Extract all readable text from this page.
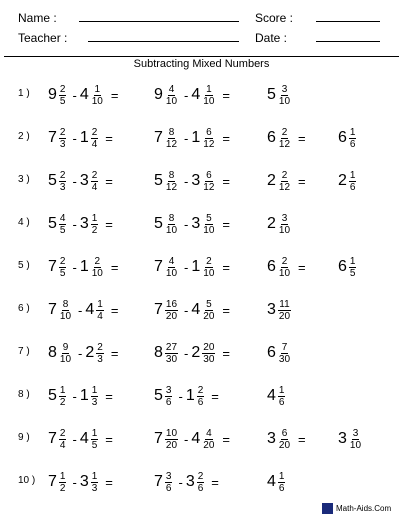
Name :	Score :
Teacher :	Date :
Subtracting Mixed Numbers
1 ) $9 \frac{2}{5} - 4 \frac{1}{10} = 9 \frac{4}{10} - 4 \frac{1}{10} = 5 \frac{3}{10}$
2 ) $7 \frac{2}{3} - 1 \frac{2}{4}$ =	$7 \frac{8}{12} - 1 \frac{6}{12} = 6 \frac{2}{12} = 6 \frac{1}{6}$
3 ) $5 \frac{2}{3} - 3 \frac{2}{4}$ =	$5 \frac{8}{12} - 3 \frac{6}{12} = 2 \frac{2}{12} = 2 \frac{1}{6}$
4 ) $5 \frac{4}{5} - 3 \frac{1}{2}$ =	$5 \frac{8}{10} - 3 \frac{5}{10} = 2 \frac{3}{10}$
5 ) $7 \frac{2}{5} - 1 \frac{2}{10} = 7 \frac{4}{10} - 1 \frac{2}{10} = 6 \frac{2}{10} = 6 \frac{1}{5}$
6 ) $7 \frac{8}{10} - 4 \frac{1}{4} = 7 \frac{16}{20} - 4 \frac{5}{20} = 3 \frac{11}{20}$
7 ) $8 \frac{9}{10} - 2 \frac{2}{3} = 8 \frac{27}{30} - 2 \frac{20}{30} = 6 \frac{7}{30}$
8 ) $5 \frac{1}{2} - 1 \frac{1}{3}$ =	$5 \frac{3}{6} - 1 \frac{2}{6}$ =	$4 \frac{1}{6}$
9 ) $7 \frac{2}{4} - 4 \frac{1}{5}$ =	$7 \frac{10}{20} - 4 \frac{4}{20} = 3 \frac{6}{20} = 3 \frac{3}{10}$
10 ) $7 \frac{1}{2} - 3 \frac{1}{3}$ =	$7 \frac{3}{6} - 3 \frac{2}{6}$ =	$4 \frac{1}{6}$
Math-Aids.Com
